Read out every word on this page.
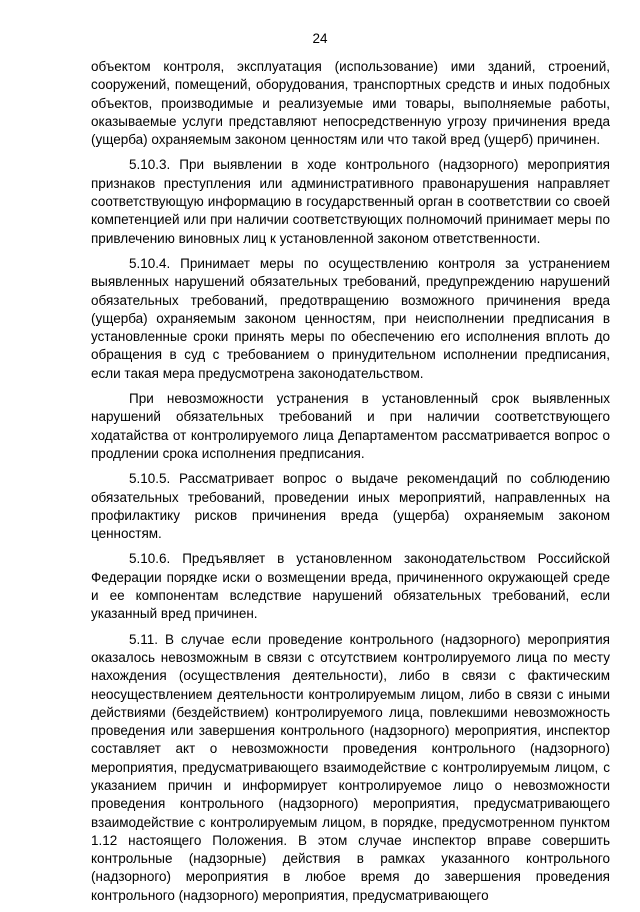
24

объектом контроля, эксплуатация (использование) ими зданий, строений, сооружений, помещений, оборудования, транспортных средств и иных подобных объектов, производимые и реализуемые ими товары, выполняемые работы, оказываемые услуги представляют непосредственную угрозу причинения вреда (ущерба) охраняемым законом ценностям или что такой вред (ущерб) причинен.

5.10.3. При выявлении в ходе контрольного (надзорного) мероприятия признаков преступления или административного правонарушения направляет соответствующую информацию в государственный орган в соответствии со своей компетенцией или при наличии соответствующих полномочий принимает меры по привлечению виновных лиц к установленной законом ответственности.

5.10.4. Принимает меры по осуществлению контроля за устранением выявленных нарушений обязательных требований, предупреждению нарушений обязательных требований, предотвращению возможного причинения вреда (ущерба) охраняемым законом ценностям, при неисполнении предписания в установленные сроки принять меры по обеспечению его исполнения вплоть до обращения в суд с требованием о принудительном исполнении предписания, если такая мера предусмотрена законодательством.

При невозможности устранения в установленный срок выявленных нарушений обязательных требований и при наличии соответствующего ходатайства от контролируемого лица Департаментом рассматривается вопрос о продлении срока исполнения предписания.

5.10.5. Рассматривает вопрос о выдаче рекомендаций по соблюдению обязательных требований, проведении иных мероприятий, направленных на профилактику рисков причинения вреда (ущерба) охраняемым законом ценностям.

5.10.6. Предъявляет в установленном законодательством Российской Федерации порядке иски о возмещении вреда, причиненного окружающей среде и ее компонентам вследствие нарушений обязательных требований, если указанный вред причинен.

5.11. В случае если проведение контрольного (надзорного) мероприятия оказалось невозможным в связи с отсутствием контролируемого лица по месту нахождения (осуществления деятельности), либо в связи с фактическим неосуществлением деятельности контролируемым лицом, либо в связи с иными действиями (бездействием) контролируемого лица, повлекшими невозможность проведения или завершения контрольного (надзорного) мероприятия, инспектор составляет акт о невозможности проведения контрольного (надзорного) мероприятия, предусматривающего взаимодействие с контролируемым лицом, с указанием причин и информирует контролируемое лицо о невозможности проведения контрольного (надзорного) мероприятия, предусматривающего взаимодействие с контролируемым лицом, в порядке, предусмотренном пунктом 1.12 настоящего Положения. В этом случае инспектор вправе совершить контрольные (надзорные) действия в рамках указанного контрольного (надзорного) мероприятия в любое время до завершения проведения контрольного (надзорного) мероприятия, предусматривающего
